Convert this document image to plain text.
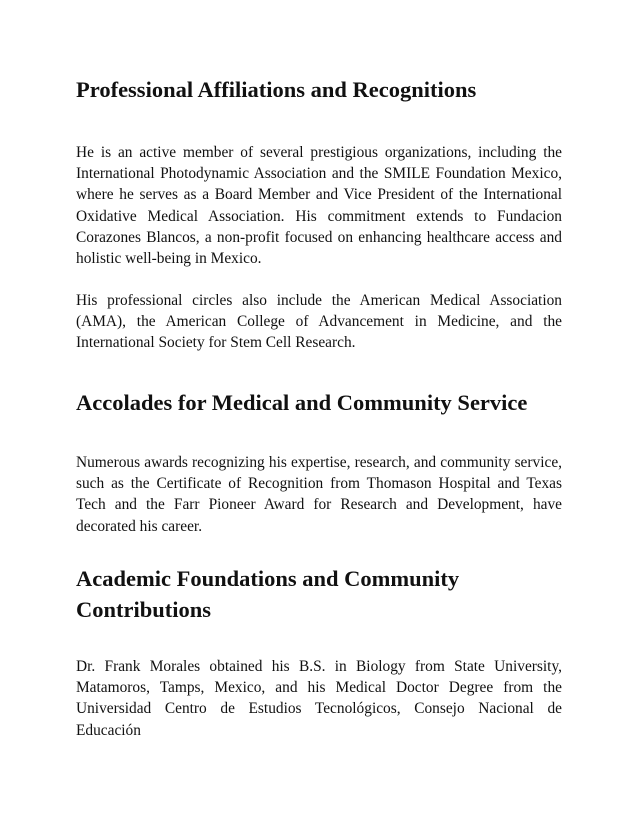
Professional Affiliations and Recognitions

He is an active member of several prestigious organizations, including the International Photodynamic Association and the SMILE Foundation Mexico, where he serves as a Board Member and Vice President of the International Oxidative Medical Association. His commitment extends to Fundacion Corazones Blancos, a non-profit focused on enhancing healthcare access and holistic well-being in Mexico.

His professional circles also include the American Medical Association (AMA), the American College of Advancement in Medicine, and the International Society for Stem Cell Research.

Accolades for Medical and Community Service

Numerous awards recognizing his expertise, research, and community service, such as the Certificate of Recognition from Thomason Hospital and Texas Tech and the Farr Pioneer Award for Research and Development, have decorated his career.

Academic Foundations and Community Contributions

Dr. Frank Morales obtained his B.S. in Biology from State University, Matamoros, Tamps, Mexico, and his Medical Doctor Degree from the Universidad Centro de Estudios Tecnológicos, Consejo Nacional de Educación
